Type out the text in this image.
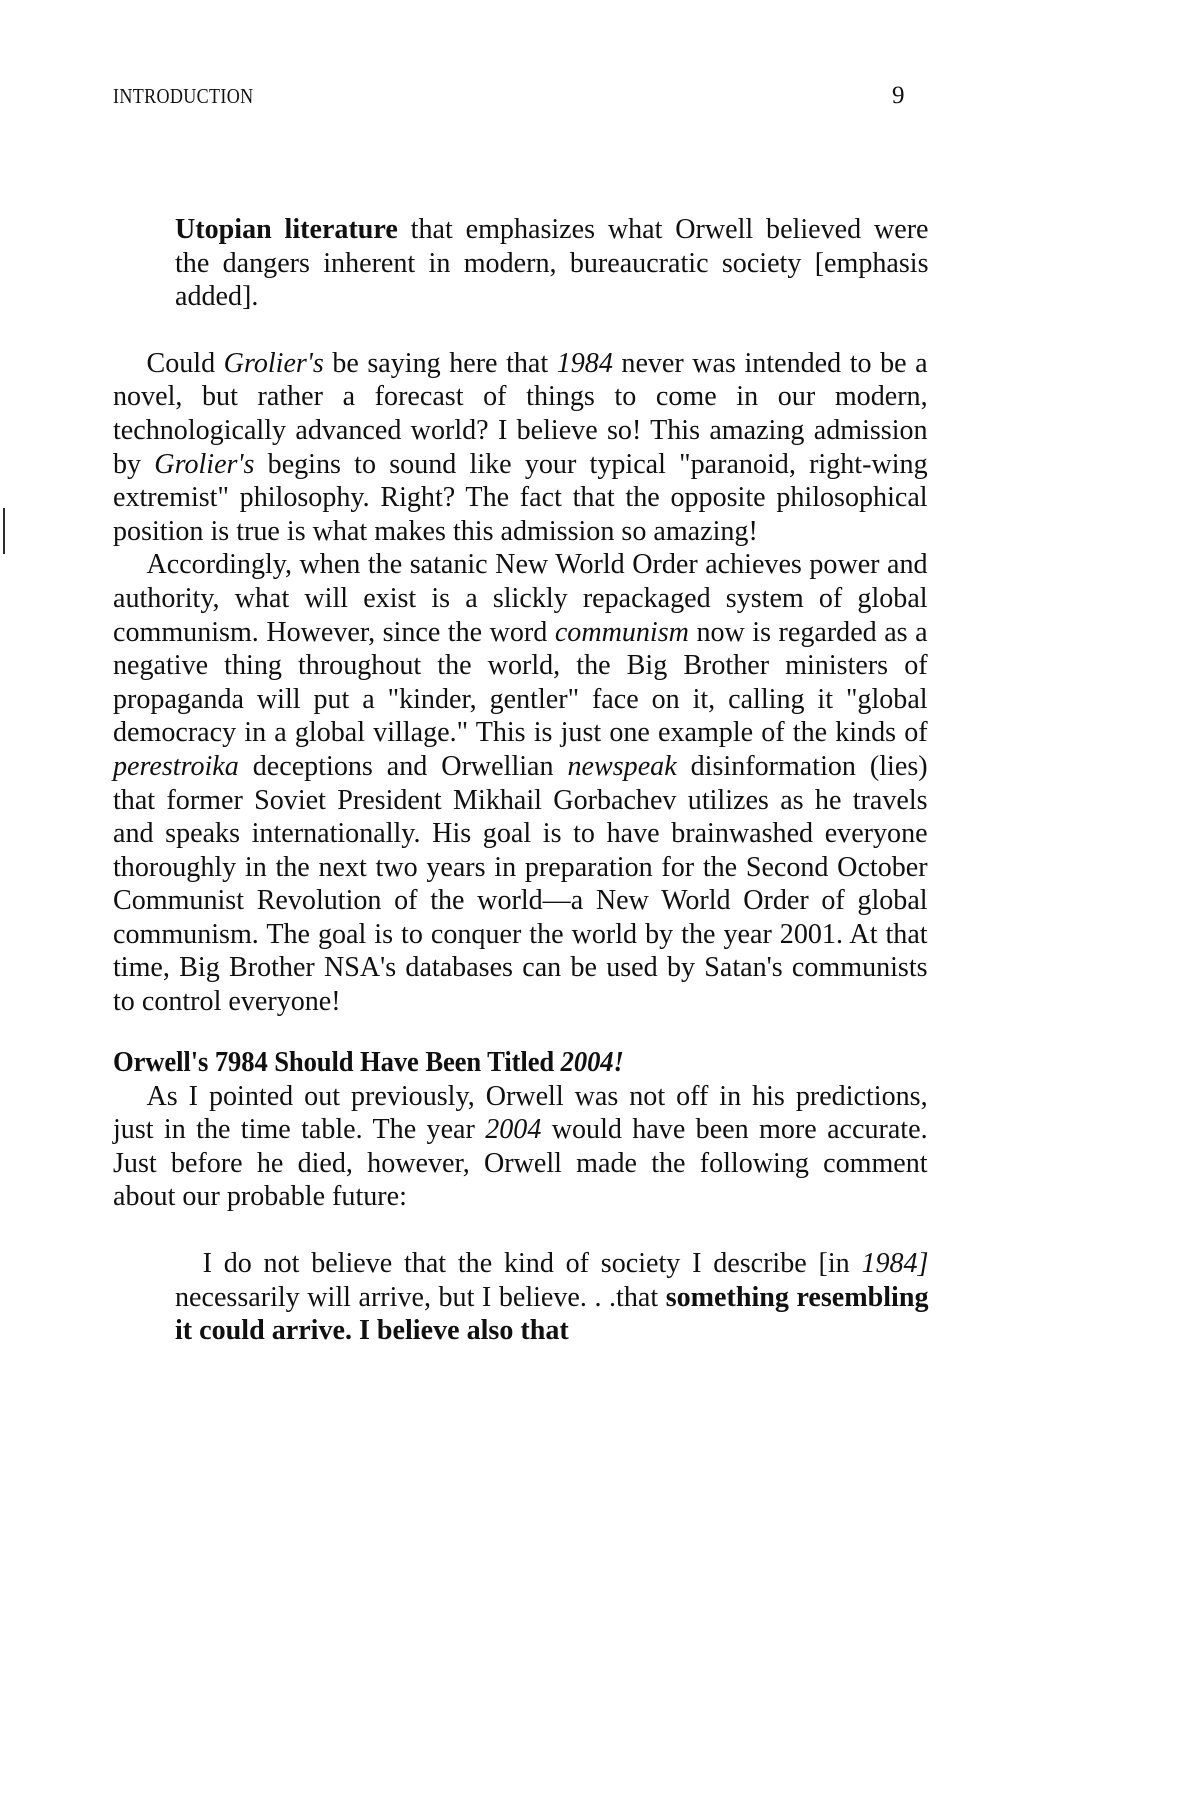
INTRODUCTION	9

Utopian literature that emphasizes what Orwell believed were the dangers inherent in modern, bureaucratic society [emphasis added].

Could Grolier's be saying here that 1984 never was intended to be a novel, but rather a forecast of things to come in our modern, technologically advanced world? I believe so! This amazing admission by Grolier's begins to sound like your typical "paranoid, right-wing extremist" philosophy. Right? The fact that the opposite philosophical position is true is what makes this admission so amazing!

Accordingly, when the satanic New World Order achieves power and authority, what will exist is a slickly repackaged system of global communism. However, since the word communism now is regarded as a negative thing throughout the world, the Big Brother ministers of propaganda will put a "kinder, gentler" face on it, calling it "global democracy in a global village." This is just one example of the kinds of perestroika deceptions and Orwellian newspeak disinformation (lies) that former Soviet President Mikhail Gorbachev utilizes as he travels and speaks internationally. His goal is to have brainwashed everyone thoroughly in the next two years in preparation for the Second October Communist Revolution of the world—a New World Order of global communism. The goal is to conquer the world by the year 2001. At that time, Big Brother NSA's databases can be used by Satan's communists to control everyone!

Orwell's 7984 Should Have Been Titled 2004!

As I pointed out previously, Orwell was not off in his predictions, just in the time table. The year 2004 would have been more accurate. Just before he died, however, Orwell made the following comment about our probable future:

I do not believe that the kind of society I describe [in 1984] necessarily will arrive, but I believe. . .that something resembling it could arrive. I believe also that
